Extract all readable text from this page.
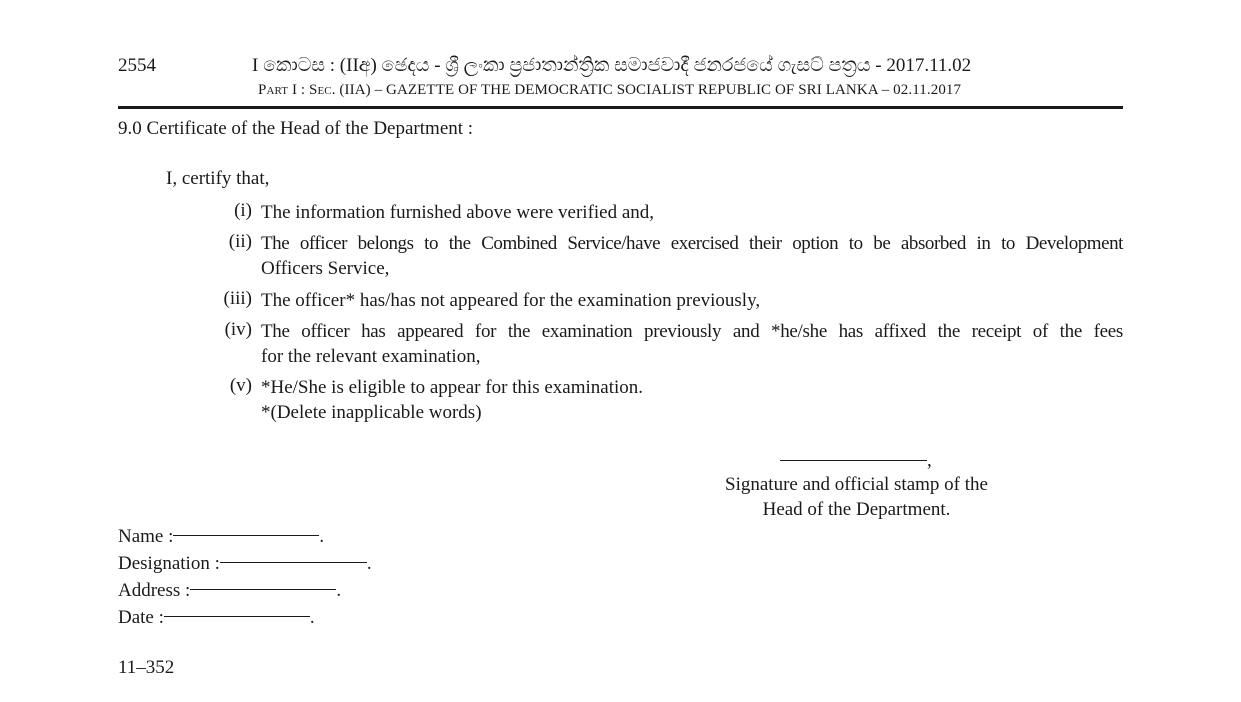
2554	I කොටස : (IIඅ) ඡෙදය - ශ්‍රී ලංකා ප්‍රජාතාන්ත්‍රික සමාජවාදී ජනරජයේ ගැසට් පත්‍රය - 2017.11.02
Part I : Sec. (IIA) – GAZETTE OF THE DEMOCRATIC SOCIALIST REPUBLIC OF SRI LANKA – 02.11.2017
9.0 Certificate of the Head of the Department :
I, certify that,
(i) The information furnished above were verified and,
(ii) The officer belongs to the Combined Service/have exercised their option to be absorbed in to Development
Officers Service,
(iii) The officer* has/has not appeared for the examination previously,
(iv) The officer has appeared for the examination previously and *he/she has affixed the receipt of the fees
for the relevant examination,
(v) *He/She is eligible to appear for this examination.
*(Delete inapplicable words)
,
Signature and official stamp of the
Head of the Department.
Name :	.
Designation :	.
Address :	.
Date :	.
11–352
